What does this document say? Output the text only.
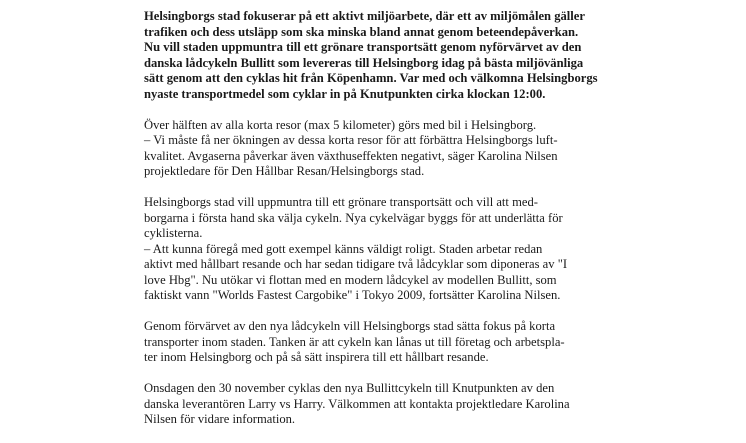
Helsingborgs stad fokuserar på ett aktivt miljöarbete, där ett av miljömålen gäller
trafiken och dess utsläpp som ska minska bland annat genom beteendepåverkan.
Nu vill staden uppmuntra till ett grönare transportsätt genom nyförvärvet av den
danska lådcykeln Bullitt som levereras till Helsingborg idag på bästa miljövänliga
sätt genom att den cyklas hit från Köpenhamn. Var med och välkomna Helsingborgs
nyaste transportmedel som cyklar in på Knutpunkten cirka klockan 12:00.

Över hälften av alla korta resor (max 5 kilometer) görs med bil i Helsingborg.
– Vi måste få ner ökningen av dessa korta resor för att förbättra Helsingborgs luft-
kvalitet. Avgaserna påverkar även växthuseffekten negativt, säger Karolina Nilsen
projektledare för Den Hållbar Resan/Helsingborgs stad.

Helsingborgs stad vill uppmuntra till ett grönare transportsätt och vill att med-
borgarna i första hand ska välja cykeln. Nya cykelvägar byggs för att underlätta för
cyklisterna.
– Att kunna föregå med gott exempel känns väldigt roligt. Staden arbetar redan
aktivt med hållbart resande och har sedan tidigare två lådcyklar som diponeras av "I
love Hbg". Nu utökar vi flottan med en modern lådcykel av modellen Bullitt, som
faktiskt vann "Worlds Fastest Cargobike" i Tokyo 2009, fortsätter Karolina Nilsen.

Genom förvärvet av den nya lådcykeln vill Helsingborgs stad sätta fokus på korta
transporter inom staden. Tanken är att cykeln kan lånas ut till företag och arbetspla-
ter inom Helsingborg och på så sätt inspirera till ett hållbart resande.

Onsdagen den 30 november cyklas den nya Bullittcykeln till Knutpunkten av den
danska leverantören Larry vs Harry. Välkommen att kontakta projektledare Karolina
Nilsen för vidare information.
